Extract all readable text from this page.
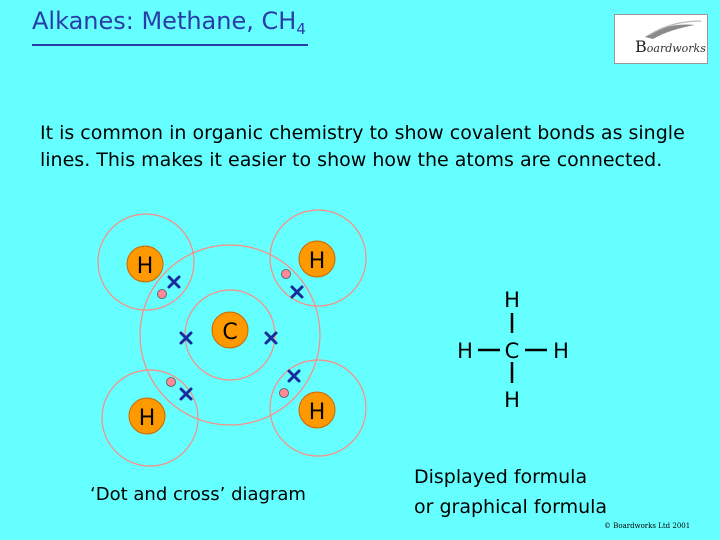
Alkanes: Methane, $CH_4$
Boardworks
It is common in organic chemistry to show covalent bonds as single lines. This makes it easier to show how the atoms are connected.
C
H	H
H	H
H
C
H	H
H
‘Dot and cross’ diagram
Displayed formula
or graphical formula
© Boardworks Ltd 2001
